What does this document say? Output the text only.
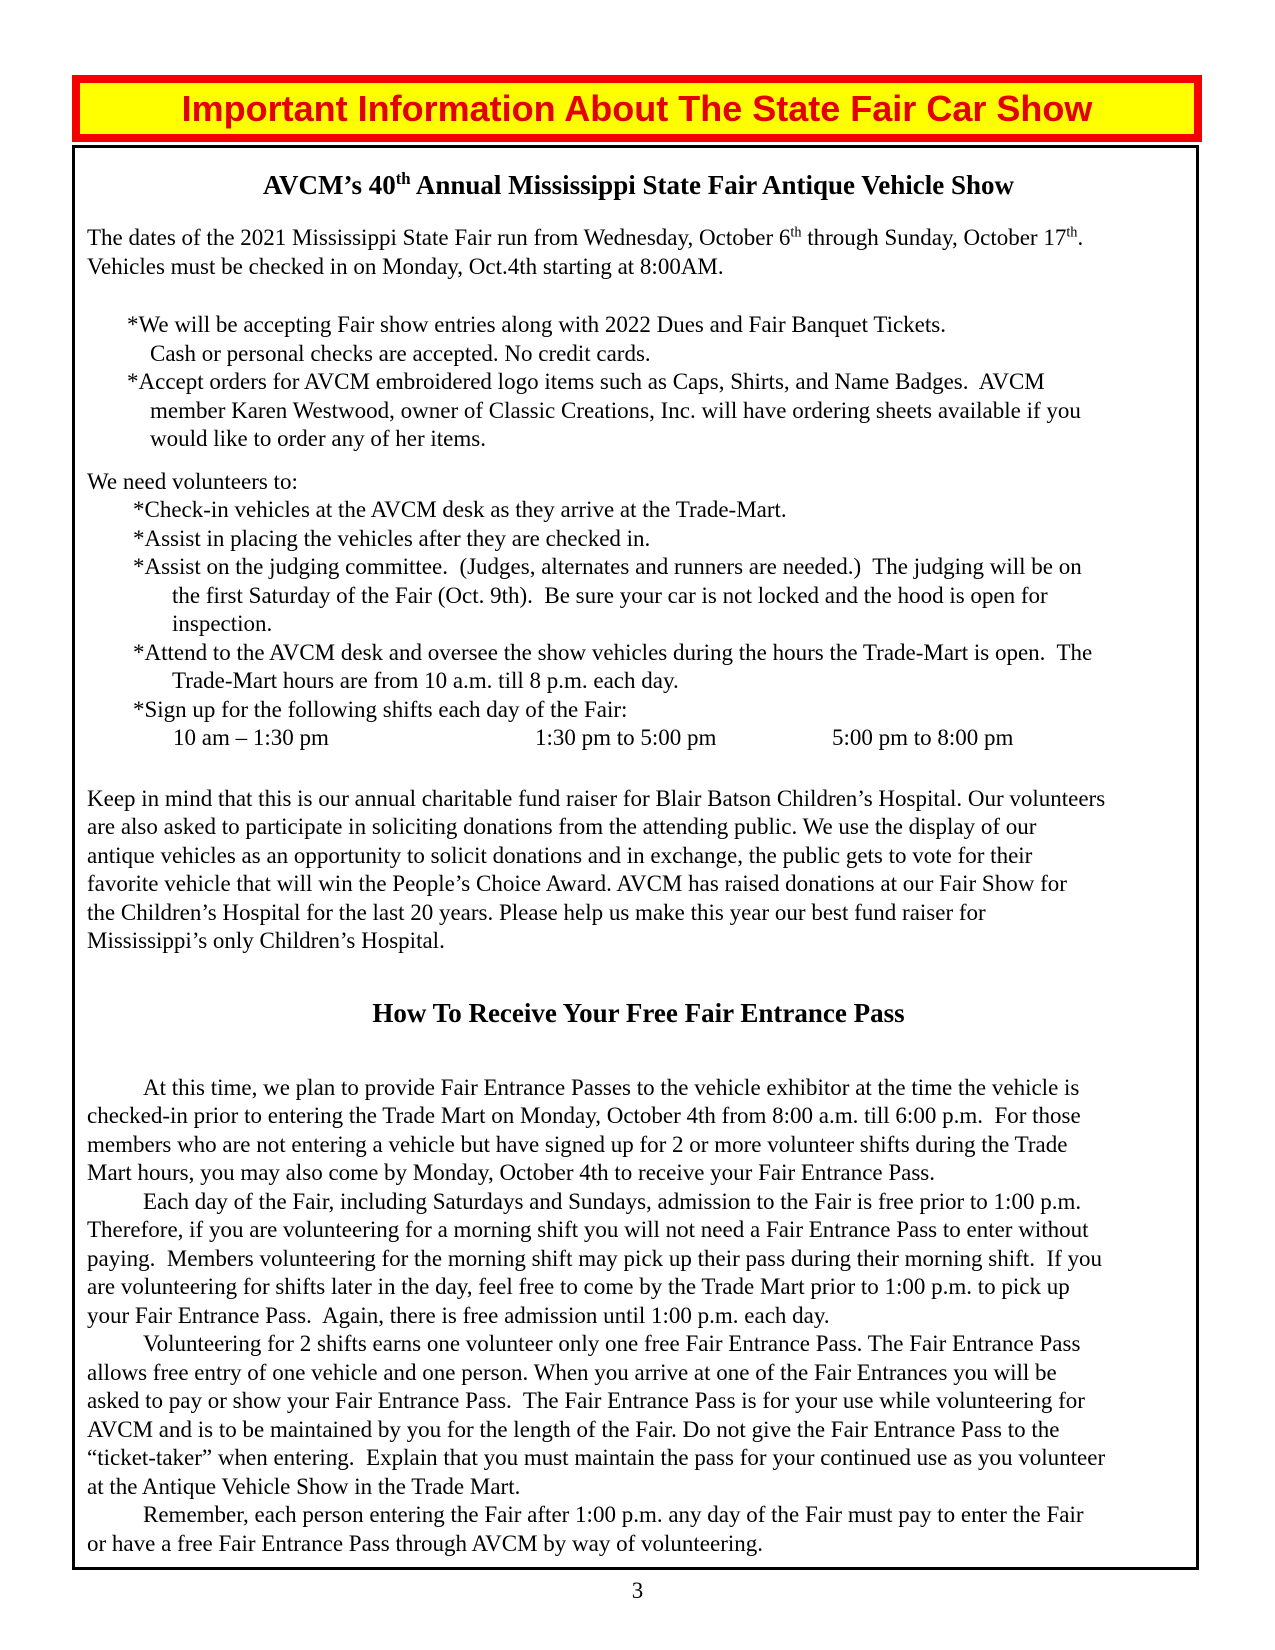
Important Information About The State Fair Car Show
AVCM’s 40th Annual Mississippi State Fair Antique Vehicle Show
The dates of the 2021 Mississippi State Fair run from Wednesday, October 6th through Sunday, October 17th.
Vehicles must be checked in on Monday, Oct.4th starting at 8:00AM.
*We will be accepting Fair show entries along with 2022 Dues and Fair Banquet Tickets.
Cash or personal checks are accepted. No credit cards.
*Accept orders for AVCM embroidered logo items such as Caps, Shirts, and Name Badges.  AVCM
member Karen Westwood, owner of Classic Creations, Inc. will have ordering sheets available if you
would like to order any of her items.
We need volunteers to:
*Check-in vehicles at the AVCM desk as they arrive at the Trade-Mart.
*Assist in placing the vehicles after they are checked in.
*Assist on the judging committee.  (Judges, alternates and runners are needed.)  The judging will be on
the first Saturday of the Fair (Oct. 9th).  Be sure your car is not locked and the hood is open for
inspection.
*Attend to the AVCM desk and oversee the show vehicles during the hours the Trade-Mart is open.  The
Trade-Mart hours are from 10 a.m. till 8 p.m. each day.
*Sign up for the following shifts each day of the Fair:
10 am – 1:30 pm	1:30 pm to 5:00 pm	5:00 pm to 8:00 pm
Keep in mind that this is our annual charitable fund raiser for Blair Batson Children’s Hospital. Our volunteers
are also asked to participate in soliciting donations from the attending public. We use the display of our
antique vehicles as an opportunity to solicit donations and in exchange, the public gets to vote for their
favorite vehicle that will win the People’s Choice Award. AVCM has raised donations at our Fair Show for
the Children’s Hospital for the last 20 years. Please help us make this year our best fund raiser for
Mississippi’s only Children’s Hospital.
How To Receive Your Free Fair Entrance Pass
At this time, we plan to provide Fair Entrance Passes to the vehicle exhibitor at the time the vehicle is
checked-in prior to entering the Trade Mart on Monday, October 4th from 8:00 a.m. till 6:00 p.m.  For those
members who are not entering a vehicle but have signed up for 2 or more volunteer shifts during the Trade
Mart hours, you may also come by Monday, October 4th to receive your Fair Entrance Pass.
Each day of the Fair, including Saturdays and Sundays, admission to the Fair is free prior to 1:00 p.m.
Therefore, if you are volunteering for a morning shift you will not need a Fair Entrance Pass to enter without
paying.  Members volunteering for the morning shift may pick up their pass during their morning shift.  If you
are volunteering for shifts later in the day, feel free to come by the Trade Mart prior to 1:00 p.m. to pick up
your Fair Entrance Pass.  Again, there is free admission until 1:00 p.m. each day.
Volunteering for 2 shifts earns one volunteer only one free Fair Entrance Pass. The Fair Entrance Pass
allows free entry of one vehicle and one person. When you arrive at one of the Fair Entrances you will be
asked to pay or show your Fair Entrance Pass.  The Fair Entrance Pass is for your use while volunteering for
AVCM and is to be maintained by you for the length of the Fair. Do not give the Fair Entrance Pass to the
“ticket-taker” when entering.  Explain that you must maintain the pass for your continued use as you volunteer
at the Antique Vehicle Show in the Trade Mart.
Remember, each person entering the Fair after 1:00 p.m. any day of the Fair must pay to enter the Fair
or have a free Fair Entrance Pass through AVCM by way of volunteering.
3
